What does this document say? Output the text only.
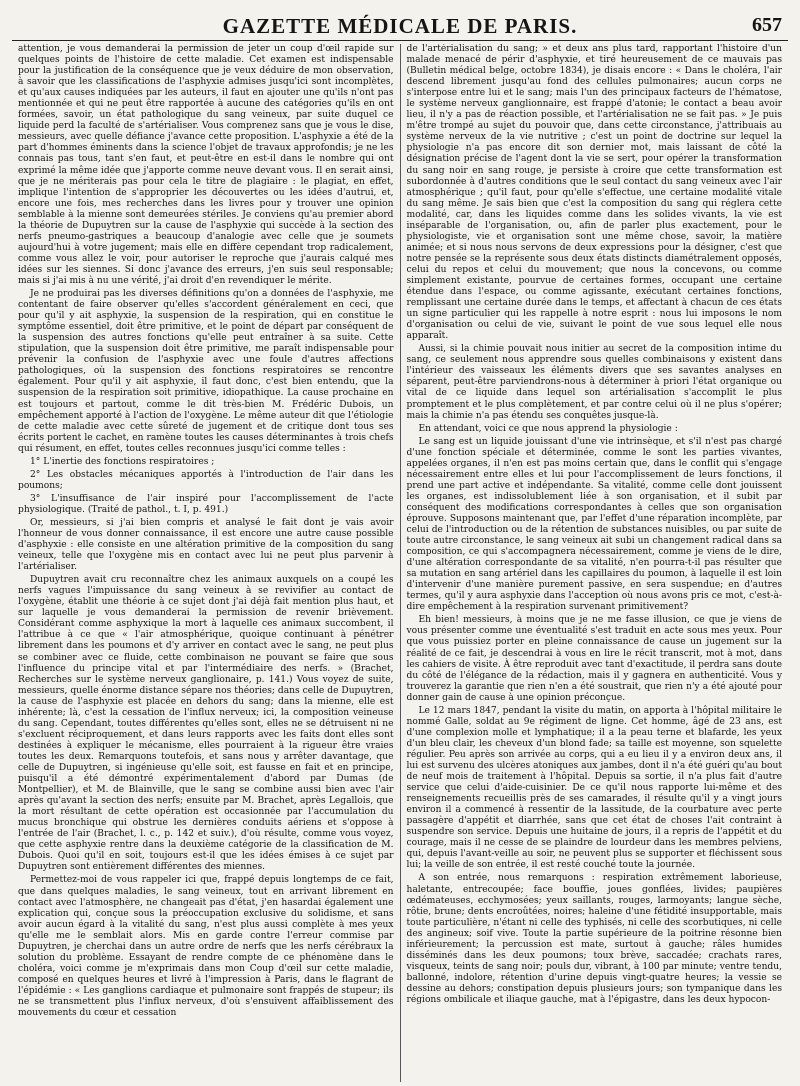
GAZETTE MÉDICALE DE PARIS.	657

attention, je vous demanderai la permission de jeter un coup d'œil rapide sur quelques points de l'histoire de cette maladie. Cet examen est indispensable pour la justification de la conséquence que je veux déduire de mon observation, à savoir que les classifications de l'asphyxie admises jusqu'ici sont incomplètes, et qu'aux causes indiquées par les auteurs, il faut en ajouter une qu'ils n'ont pas mentionnée et qui ne peut être rapportée à aucune des catégories qu'ils en ont formées, savoir, un état pathologique du sang veineux, par suite duquel ce liquide perd la faculté de s'artérialiser. Vous comprenez sans que je vous le dise, messieurs, avec quelle défiance j'avance cette proposition. L'asphyxie a été de la part d'hommes éminents dans la science l'objet de travaux approfondis; je ne les connais pas tous, tant s'en faut, et peut-être en est-il dans le nombre qui ont exprimé la même idée que j'apporte comme neuve devant vous. Il en serait ainsi, que je ne mériterais pas pour cela le titre de plagiaire : le plagiat, en effet, implique l'intention de s'approprier les découvertes ou les idées d'autrui, et, encore une fois, mes recherches dans les livres pour y trouver une opinion semblable à la mienne sont demeurées stériles. Je conviens qu'au premier abord la théorie de Dupuytren sur la cause de l'asphyxie qui succède à la section des nerfs pneumo-gastriques a beaucoup d'analogie avec celle que je soumets aujourd'hui à votre jugement; mais elle en diffère cependant trop radicalement, comme vous allez le voir, pour autoriser le reproche que j'aurais calqué mes idées sur les siennes. Si donc j'avance des erreurs, j'en suis seul responsable; mais si j'ai mis à nu une vérité, j'ai droit d'en revendiquer le mérite.

Je ne produirai pas les diverses définitions qu'on a données de l'asphyxie, me contentant de faire observer qu'elles s'accordent généralement en ceci, que pour qu'il y ait asphyxie, la suspension de la respiration, qui en constitue le symptôme essentiel, doit être primitive, et le point de départ par conséquent de la suspension des autres fonctions qu'elle peut entraîner à sa suite. Cette stipulation, que la suspension doit être primitive, me paraît indispensable pour prévenir la confusion de l'asphyxie avec une foule d'autres affections pathologiques, où la suspension des fonctions respiratoires se rencontre également. Pour qu'il y ait asphyxie, il faut donc, c'est bien entendu, que la suspension de la respiration soit primitive, idiopathique. La cause prochaine en est toujours et partout, comme le dit très-bien M. Frédéric Dubois, un empêchement apporté à l'action de l'oxygène. Le même auteur dit que l'étiologie de cette maladie avec cette sûreté de jugement et de critique dont tous ses écrits portent le cachet, en ramène toutes les causes déterminantes à trois chefs qui résument, en effet, toutes celles reconnues jusqu'ici comme telles :

1° L'inertie des fonctions respiratoires ;

2° Les obstacles mécaniques apportés à l'introduction de l'air dans les poumons;

3° L'insuffisance de l'air inspiré pour l'accomplissement de l'acte physiologique. (Traité de pathol., t. I, p. 491.)

Or, messieurs, si j'ai bien compris et analysé le fait dont je vais avoir l'honneur de vous donner connaissance, il est encore une autre cause possible d'asphyxie : elle consiste en une altération primitive de la composition du sang veineux, telle que l'oxygène mis en contact avec lui ne peut plus parvenir à l'artérialiser.

Dupuytren avait cru reconnaître chez les animaux auxquels on a coupé les nerfs vagues l'impuissance du sang veineux à se revivifier au contact de l'oxygène, établit une théorie à ce sujet dont j'ai déjà fait mention plus haut, et sur laquelle je vous demanderai la permission de revenir brièvement. Considérant comme asphyxique la mort à laquelle ces animaux succombent, il l'attribue à ce que « l'air atmosphérique, quoique continuant à pénétrer librement dans les poumons et d'y arriver en contact avec le sang, ne peut plus se combiner avec ce fluide, cette combinaison ne pouvant se faire que sous l'influence du principe vital et par l'intermédiaire des nerfs. » (Brachet, Recherches sur le système nerveux ganglionaire, p. 141.) Vous voyez de suite, messieurs, quelle énorme distance sépare nos théories; dans celle de Dupuytren, la cause de l'asphyxie est placée en dehors du sang; dans la mienne, elle est inhérente; là, c'est la cessation de l'influx nerveux; ici, la composition veineuse du sang. Cependant, toutes différentes qu'elles sont, elles ne se détruisent ni ne s'excluent réciproquement, et dans leurs rapports avec les faits dont elles sont destinées à expliquer le mécanisme, elles pourraient à la rigueur être vraies toutes les deux. Remarquons toutefois, et sans nous y arrêter davantage, que celle de Dupuytren, si ingénieuse qu'elle soit, est fausse en fait et en principe, puisqu'il a été démontré expérimentalement d'abord par Dumas (de Montpellier), et M. de Blainville, que le sang se combine aussi bien avec l'air après qu'avant la section des nerfs; ensuite par M. Brachet, après Legallois, que la mort résultant de cette opération est occasionnée par l'accumulation du mucus bronchique qui obstrue les dernières conduits aériens et s'oppose à l'entrée de l'air (Brachet, l. c., p. 142 et suiv.), d'où résulte, comme vous voyez, que cette asphyxie rentre dans la deuxième catégorie de la classification de M. Dubois. Quoi qu'il en soit, toujours est-il que les idées émises à ce sujet par Dupuytren sont entièrement différentes des miennes.

Permettez-moi de vous rappeler ici que, frappé depuis longtemps de ce fait, que dans quelques maladies, le sang veineux, tout en arrivant librement en contact avec l'atmosphère, ne changeait pas d'état, j'en hasardai également une explication qui, conçue sous la préoccupation exclusive du solidisme, et sans avoir aucun égard à la vitalité du sang, n'est plus aussi complète à mes yeux qu'elle me le semblait alors. Mis en garde contre l'erreur commise par Dupuytren, je cherchai dans un autre ordre de nerfs que les nerfs cérébraux la solution du problème. Essayant de rendre compte de ce phénomène dans le choléra, voici comme je m'exprimais dans mon Coup d'œil sur cette maladie, composé en quelques heures et livré à l'impression à Paris, dans le flagrant de l'épidémie : « Les ganglions cardiaque et pulmonaire sont frappés de stupeur; ils ne se transmettent plus l'influx nerveux, d'où s'ensuivent affaiblissement des mouvements du cœur et cessation

de l'artérialisation du sang; » et deux ans plus tard, rapportant l'histoire d'un malade menacé de périr d'asphyxie, et tiré heureusement de ce mauvais pas (Bulletin médical belge, octobre 1834), je disais encore : « Dans le choléra, l'air descend librement jusqu'au fond des cellules pulmonaires; aucun corps ne s'interpose entre lui et le sang; mais l'un des principaux facteurs de l'hématose, le système nerveux ganglionnaire, est frappé d'atonie; le contact a beau avoir lieu, il n'y a pas de réaction possible, et l'artérialisation ne se fait pas. » Je puis m'être trompé au sujet du pouvoir que, dans cette circonstance, j'attribuais au système nerveux de la vie nutritive ; c'est un point de doctrine sur lequel la physiologie n'a pas encore dit son dernier mot, mais laissant de côté la désignation précise de l'agent dont la vie se sert, pour opérer la transformation du sang noir en sang rouge, je persiste à croire que cette transformation est subordonnée à d'autres conditions que le seul contact du sang veineux avec l'air atmosphérique ; qu'il faut, pour qu'elle s'effectue, une certaine modalité vitale du sang même. Je sais bien que c'est la composition du sang qui réglera cette modalité, car, dans les liquides comme dans les solides vivants, la vie est inséparable de l'organisation, ou, afin de parler plus exactement, pour le physiologiste, vie et organisation sont une même chose, savoir, la matière animée; et si nous nous servons de deux expressions pour la désigner, c'est que notre pensée se la représente sous deux états distincts diamétralement opposés, celui du repos et celui du mouvement; que nous la concevons, ou comme simplement existante, pourvue de certaines formes, occupant une certaine étendue dans l'espace, ou comme agissante, exécutant certaines fonctions, remplissant une certaine durée dans le temps, et affectant à chacun de ces états un signe particulier qui les rappelle à notre esprit : nous lui imposons le nom d'organisation ou celui de vie, suivant le point de vue sous lequel elle nous apparaît.

Aussi, si la chimie pouvait nous initier au secret de la composition intime du sang, ce seulement nous apprendre sous quelles combinaisons y existent dans l'intérieur des vaisseaux les éléments divers que ses savantes analyses en séparent, peut-être parviendrons-nous à déterminer à priori l'état organique ou vital de ce liquide dans lequel son artérialisation s'accomplit le plus promptement et le plus complètement, et par contre celui où il ne plus s'opérer; mais la chimie n'a pas étendu ses conquêtes jusque-là.

En attendant, voici ce que nous apprend la physiologie :

Le sang est un liquide jouissant d'une vie intrinsèque, et s'il n'est pas chargé d'une fonction spéciale et déterminée, comme le sont les parties vivantes, appelées organes, il n'en est pas moins certain que, dans le conflit qui s'engage nécessairement entre elles et lui pour l'accomplissement de leurs fonctions, il prend une part active et indépendante. Sa vitalité, comme celle dont jouissent les organes, est indissolublement liée à son organisation, et il subit par conséquent des modifications correspondantes à celles que son organisation éprouve. Supposons maintenant que, par l'effet d'une réparation incomplète, par celui de l'introduction ou de la rétention de substances nuisibles, ou par suite de toute autre circonstance, le sang veineux ait subi un changement radical dans sa composition, ce qui s'accompagnera nécessairement, comme je viens de le dire, d'une altération correspondante de sa vitalité, n'en pourra-t-il pas résulter que sa mutation en sang artériel dans les capillaires du poumon, à laquelle il est loin d'intervenir d'une manière purement passive, en sera suspendue; en d'autres termes, qu'il y aura asphyxie dans l'acception où nous avons pris ce mot, c'est-à-dire empêchement à la respiration survenant primitivement?

Eh bien! messieurs, à moins que je ne me fasse illusion, ce que je viens de vous présenter comme une éventualité s'est traduit en acte sous mes yeux. Pour que vous puissiez porter en pleine connaissance de cause un jugement sur la réalité de ce fait, je descendrai à vous en lire le récit transcrit, mot à mot, dans les cahiers de visite. À être reproduit avec tant d'exactitude, il perdra sans doute du côté de l'élégance de la rédaction, mais il y gagnera en authenticité. Vous y trouverez la garantie que rien n'en a été soustrait, que rien n'y a été ajouté pour donner gain de cause à une opinion préconçue.

Le 12 mars 1847, pendant la visite du matin, on apporta à l'hôpital militaire le nommé Galle, soldat au 9e régiment de ligne. Cet homme, âgé de 23 ans, est d'une complexion molle et lymphatique; il a la peau terne et blafarde, les yeux d'un bleu clair, les cheveux d'un blond fade; sa taille est moyenne, son squelette régulier. Peu après son arrivée au corps, qui a eu lieu il y a environ deux ans, il lui est survenu des ulcères atoniques aux jambes, dont il n'a été guéri qu'au bout de neuf mois de traitement à l'hôpital. Depuis sa sortie, il n'a plus fait d'autre service que celui d'aide-cuisinier. De ce qu'il nous rapporte lui-même et des renseignements recueillis près de ses camarades, il résulte qu'il y a vingt jours environ il a commencé à ressentir de la lassitude, de la courbature avec perte passagère d'appétit et diarrhée, sans que cet état de choses l'ait contraint à suspendre son service. Depuis une huitaine de jours, il a repris de l'appétit et du courage, mais il ne cesse de se plaindre de lourdeur dans les membres pelviens, qui, depuis l'avant-veille au soir, ne peuvent plus se supporter et fléchissent sous lui; la veille de son entrée, il est resté couché toute la journée.

A son entrée, nous remarquons : respiration extrêmement laborieuse, haletante, entrecoupée; face bouffie, joues gonflées, livides; paupières œdémateuses, ecchymosées; yeux saillants, rouges, larmoyants; langue sèche, rôtie, brune; dents encroûtées, noires; haleine d'une fétidité insupportable, mais toute particulière, n'étant ni celle des typhisés, ni celle des scorbutiques, ni celle des angineux; soif vive. Toute la partie supérieure de la poitrine résonne bien inférieurement; la percussion est mate, surtout à gauche; râles humides disséminés dans les deux poumons; toux brève, saccadée; crachats rares, visqueux, teints de sang noir; pouls dur, vibrant, à 100 par minute; ventre tendu, ballonné, indolore, rétention d'urine depuis vingt-quatre heures; la vessie se dessine au dehors; constipation depuis plusieurs jours; son tympanique dans les régions ombilicale et iliaque gauche, mat à l'épigastre, dans les deux hypocon-
